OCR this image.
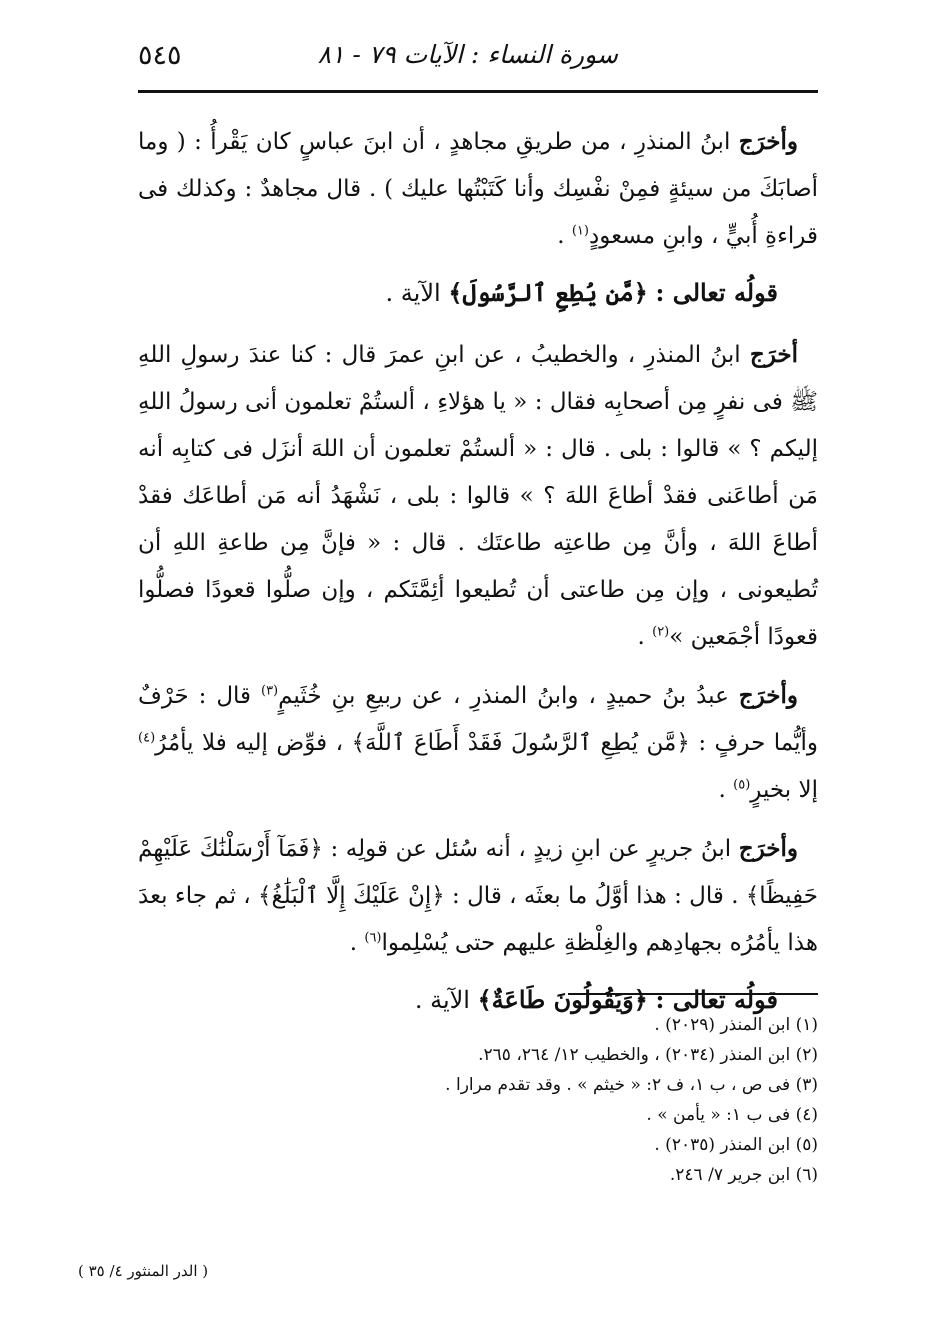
٥٤٥	سورة النساء : الآيات ٧٩ - ٨١

وأخرَج ابنُ المنذرِ ، من طريقِ مجاهدٍ ، أن ابنَ عباسٍ كان يَقْرأُ : ( وما أصابَكَ من سيئةٍ فمِنْ نفْسِك وأنا كَتَبْتُها عليك ) . قال مجاهدٌ : وكذلك فى قراءةِ أُبيٍّ ، وابنِ مسعودٍ$^{(١)}$ .

قولُه تعالى : ﴿مَّن يُطِعِ ٱلرَّسُولَ﴾ الآية .

أخرَج ابنُ المنذرِ ، والخطيبُ ، عن ابنِ عمرَ قال : كنا عندَ رسولِ اللهِ ﷺ فى نفرٍ مِن أصحابِه فقال : « يا هؤلاءِ ، ألستُمْ تعلمون أنى رسولُ اللهِ إليكم ؟ » قالوا : بلى . قال : « ألستُمْ تعلمون أن اللهَ أنزَل فى كتابِه أنه مَن أطاعَنى فقدْ أطاعَ اللهَ ؟ » قالوا : بلى ، نَشْهَدُ أنه مَن أطاعَك فقدْ أطاعَ اللهَ ، وأنَّ مِن طاعتِه طاعتَك . قال : « فإنَّ مِن طاعةِ اللهِ أن تُطيعونى ، وإن مِن طاعتى أن تُطيعوا أئِمَّتَكم ، وإن صلُّوا قعودًا فصلُّوا قعودًا أجْمَعين »$^{(٢)}$ .

وأخرَج عبدُ بنُ حميدٍ ، وابنُ المنذرِ ، عن ربيعِ بنِ خُثَيمٍ$^{(٣)}$ قال : حَرْفٌ وأيُّما حرفٍ : ﴿مَّن يُطِعِ ٱلرَّسُولَ فَقَدْ أَطَاعَ ٱللَّهَ﴾ ، فوِّض إليه فلا يأمُرُ$^{(٤)}$ إلا بخيرٍ$^{(٥)}$ .

وأخرَج ابنُ جريرٍ عن ابنِ زيدٍ ، أنه سُئل عن قولِه : ﴿فَمَآ أَرْسَلْنَٰكَ عَلَيْهِمْ حَفِيظًا﴾ . قال : هذا أوَّلُ ما بعثَه ، قال : ﴿إِنْ عَلَيْكَ إِلَّا ٱلْبَلَٰغُ﴾ ، ثم جاء بعدَ هذا يأمُرُه بجهادِهم والغِلْظةِ عليهم حتى يُسْلِموا$^{(٦)}$ .

قولُه تعالى : ﴿وَيَقُولُونَ طَاعَةٌ﴾ الآية .

(١) ابن المنذر (٢٠٢٩) .

(٢) ابن المنذر (٢٠٣٤) ، والخطيب ١٢/ ٢٦٤، ٢٦٥.

(٣) فى ص ، ب ١، ف ٢: « خيثم » . وقد تقدم مرارا .

(٤) فى ب ١: « يأمن » .

(٥) ابن المنذر (٢٠٣٥) .

(٦) ابن جرير ٧/ ٢٤٦.

( الدر المنثور ٤/ ٣٥ )
